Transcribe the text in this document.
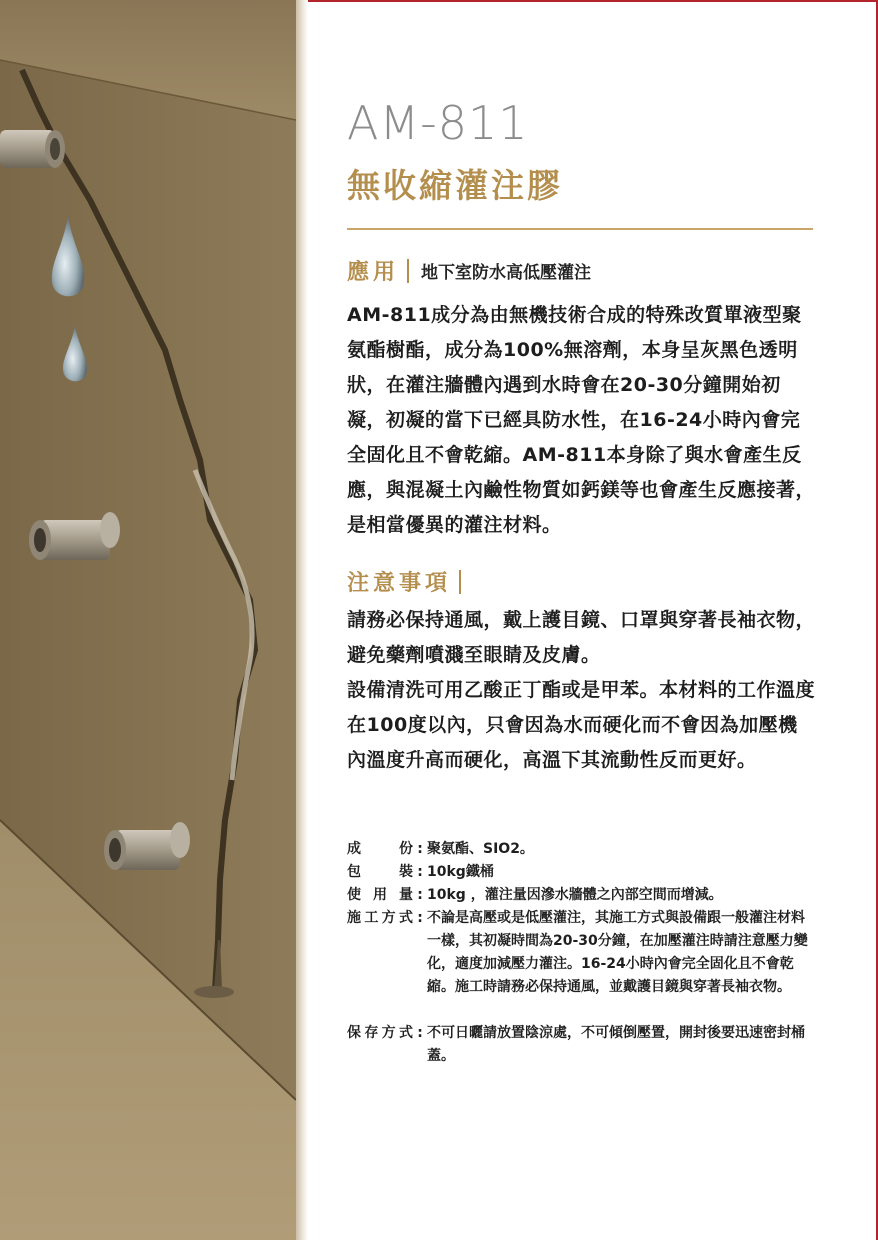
AM-811
無收縮灌注膠
應用 地下室防水高低壓灌注
AM-811成分為由無機技術合成的特殊改質單液型聚氨酯樹酯，成分為100%無溶劑，本身呈灰黑色透明狀，在灌注牆體內遇到水時會在20-30分鐘開始初凝，初凝的當下已經具防水性，在16-24小時內會完全固化且不會乾縮。AM-811本身除了與水會產生反應，與混凝土內鹼性物質如鈣鎂等也會產生反應接著，是相當優異的灌注材料。
注意事項
請務必保持通風，戴上護目鏡、口罩與穿著長袖衣物，避免藥劑噴濺至眼睛及皮膚。
設備清洗可用乙酸正丁酯或是甲苯。本材料的工作溫度在100度以內，只會因為水而硬化而不會因為加壓機內溫度升高而硬化，高溫下其流動性反而更好。
成份 : 聚氨酯、SIO2。
包裝 : 10kg鐵桶
使用量 : 10kg ，灌注量因滲水牆體之內部空間而增減。
施工方式 : 不論是高壓或是低壓灌注，其施工方式與設備跟一般灌注材料一樣，其初凝時間為20-30分鐘，在加壓灌注時請注意壓力變化，適度加減壓力灌注。16-24小時內會完全固化且不會乾縮。施工時請務必保持通風，並戴護目鏡與穿著長袖衣物。
保存方式 : 不可日曬請放置陰涼處，不可傾倒壓置，開封後要迅速密封桶蓋。
